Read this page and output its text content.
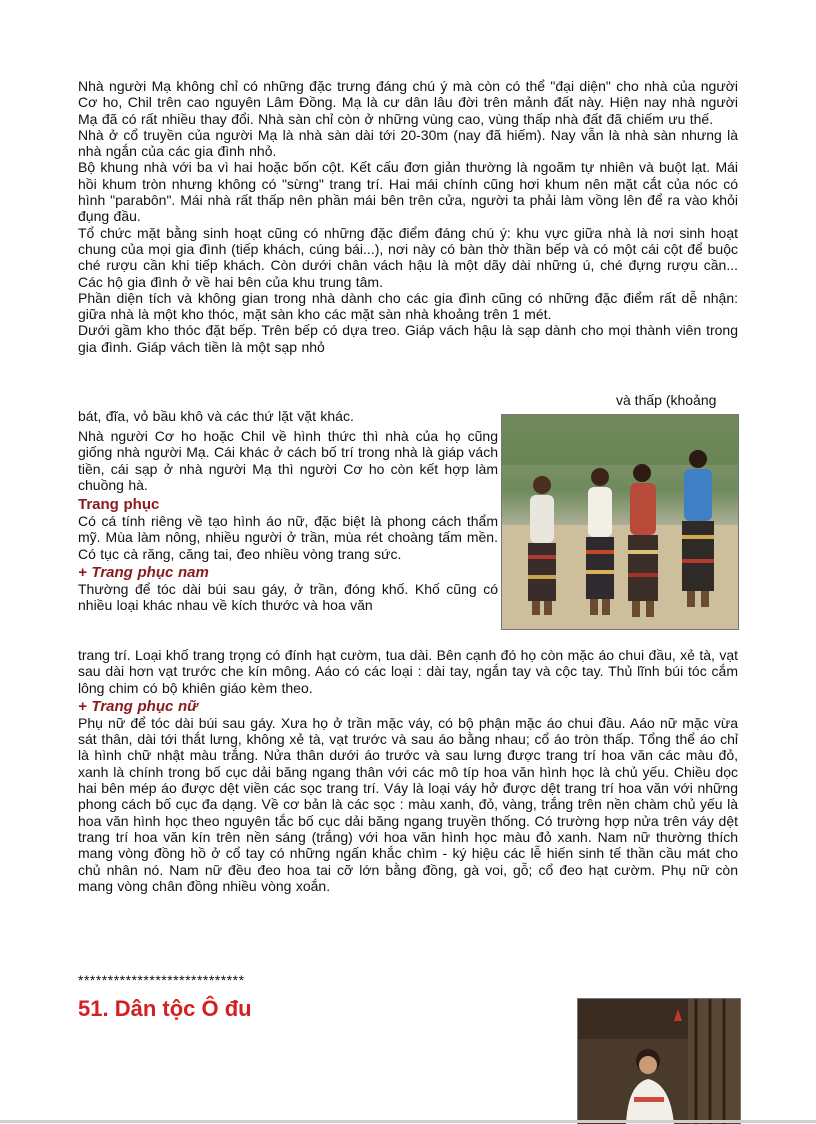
Nhà người Mạ không chỉ có những đặc trưng đáng chú ý mà còn có thể "đại diện" cho nhà của người Cơ ho, Chil trên cao nguyên Lâm Đồng. Mạ là cư dân lâu đời trên mảnh đất này. Hiện nay nhà người Mạ đã có rất nhiều thay đổi. Nhà sàn chỉ còn ở những vùng cao, vùng thấp nhà đất đã chiếm ưu thế.

Nhà ở cổ truyền của người Mạ là nhà sàn dài tới 20-30m (nay đã hiếm). Nay vẫn là nhà sàn nhưng là nhà ngắn của các gia đình nhỏ.

Bộ khung nhà với ba vì hai hoặc bốn cột. Kết cấu đơn giản thường là ngoãm tự nhiên và buột lạt. Mái hồi khum tròn nhưng không có "sừng" trang trí. Hai mái chính cũng hơi khum nên mặt cắt của nóc có hình "parabôn". Mái nhà rất thấp nên phần mái bên trên cửa, người ta phải làm vồng lên để ra vào khỏi đụng đầu.

Tổ chức mặt bằng sinh hoạt cũng có những đặc điểm đáng chú ý: khu vực giữa nhà là nơi sinh hoạt chung của mọi gia đình (tiếp khách, cúng bái...), nơi này có bàn thờ thần bếp và có một cái cột để buộc ché rượu cần khi tiếp khách. Còn dưới chân vách hậu là một dãy dài những ú, ché đựng rượu cần... Các hộ gia đình ở về hai bên của khu trung tâm.

Phần diện tích và không gian trong nhà dành cho các gia đình cũng có những đặc điểm rất dễ nhận: giữa nhà là một kho thóc, mặt sàn kho các mặt sàn nhà khoảng trên 1 mét.

Dưới gầm kho thóc đặt bếp. Trên bếp có dựa treo. Giáp vách hậu là sạp dành cho mọi thành viên trong gia đình. Giáp vách tiền là một sạp nhỏ

và thấp (khoảng

bát, đĩa, vỏ bầu khô và các thứ lặt vặt khác.

Nhà người Cơ ho hoặc Chil về hình thức thì nhà của họ cũng giống nhà người Mạ. Cái khác ở cách bố trí trong nhà là giáp vách tiền, cái sạp ở nhà người Mạ thì người Cơ ho còn kết hợp làm chuồng hà.

Trang phục

Có cá tính riêng về tạo hình áo nữ, đặc biệt là phong cách thẩm mỹ. Mùa làm nông, nhiều người ở trần, mùa rét choàng tấm mền. Có tục cà răng, căng tai, đeo nhiều vòng trang sức.

+ Trang phục nam

Thường để tóc dài búi sau gáy, ở trần, đóng khố. Khố cũng có nhiều loại khác nhau về kích thước và hoa văn

trang trí. Loại khố trang trọng có đính hạt cườm, tua dài. Bên cạnh đó họ còn mặc áo chui đầu, xẻ tà, vạt sau dài hơn vạt trước che kín mông. Aáo có các loại : dài tay, ngắn tay và cộc tay. Thủ lĩnh búi tóc cắm lông chim có bộ khiên giáo kèm theo.

+ Trang phục nữ

Phụ nữ để tóc dài búi sau gáy. Xưa họ ở trần mặc váy, có bộ phận mặc áo chui đầu. Aáo nữ mặc vừa sát thân, dài tới thắt lưng, không xẻ tà, vạt trước và sau áo bằng nhau; cổ áo tròn thấp. Tổng thể áo chỉ là hình chữ nhật màu trắng. Nửa thân dưới áo trước và sau lưng được trang trí hoa văn các màu đỏ, xanh là chính trong bố cục dải băng ngang thân với các mô típ hoa văn hình học là chủ yếu. Chiều dọc hai bên mép áo được dệt viền các sọc trang trí. Váy là loại váy hở được dệt trang trí hoa văn với những phong cách bố cục đa dạng. Về cơ bản là các sọc : màu xanh, đỏ, vàng, trắng trên nền chàm chủ yếu là hoa văn hình học theo nguyên tắc bố cục dải băng ngang truyền thống. Có trường hợp nửa trên váy dệt trang trí hoa văn kín trên nền sáng (trắng) với hoa văn hình học màu đỏ xanh. Nam nữ thường thích mang vòng đồng hồ ở cổ tay có những ngấn khắc chìm - ký hiệu các lễ hiến sinh tế thần cầu mát cho chủ nhân nó. Nam nữ đều đeo hoa tai cỡ lớn bằng đồng, gà voi, gỗ; cổ đeo hạt cườm. Phụ nữ còn mang vòng chân đồng nhiều vòng xoắn.

****************************
51. Dân tộc Ô đu
